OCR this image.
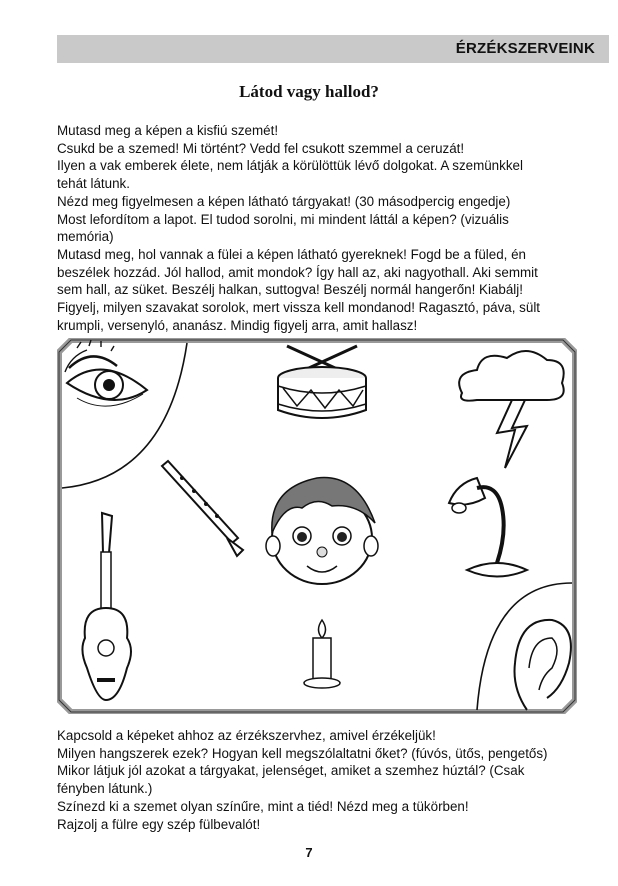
ÉRZÉKSZERVEINK
Látod vagy hallod?
Mutasd meg a képen a kisfiú szemét!
Csukd be a szemed! Mi történt? Vedd fel csukott szemmel a ceruzát!
Ilyen a vak emberek élete, nem látják a körülöttük lévő dolgokat. A szemünkkel
tehát látunk.
Nézd meg figyelmesen a képen látható tárgyakat! (30 másodpercig engedje)
Most lefordítom a lapot. El tudod sorolni, mi mindent láttál a képen? (vizuális
memória)
Mutasd meg, hol vannak a fülei a képen látható gyereknek! Fogd be a füled, én
beszélek hozzád. Jól hallod, amit mondok? Így hall az, aki nagyothall. Aki semmit
sem hall, az süket. Beszélj halkan, suttogva! Beszélj normál hangerőn! Kiabálj!
Figyelj, milyen szavakat sorolok, mert vissza kell mondanod! Ragasztó, páva, sült
krumpli, versenyló, ananász. Mindig figyelj arra, amit hallasz!
Kapcsold a képeket ahhoz az érzékszervhez, amivel érzékeljük!
Milyen hangszerek ezek? Hogyan kell megszólaltatni őket? (fúvós, ütős, pengetős)
Mikor látjuk jól azokat a tárgyakat, jelenséget, amiket a szemhez húztál? (Csak
fényben látunk.)
Színezd ki a szemet olyan színűre, mint a tiéd! Nézd meg a tükörben!
Rajzolj a fülre egy szép fülbevalót!
7
